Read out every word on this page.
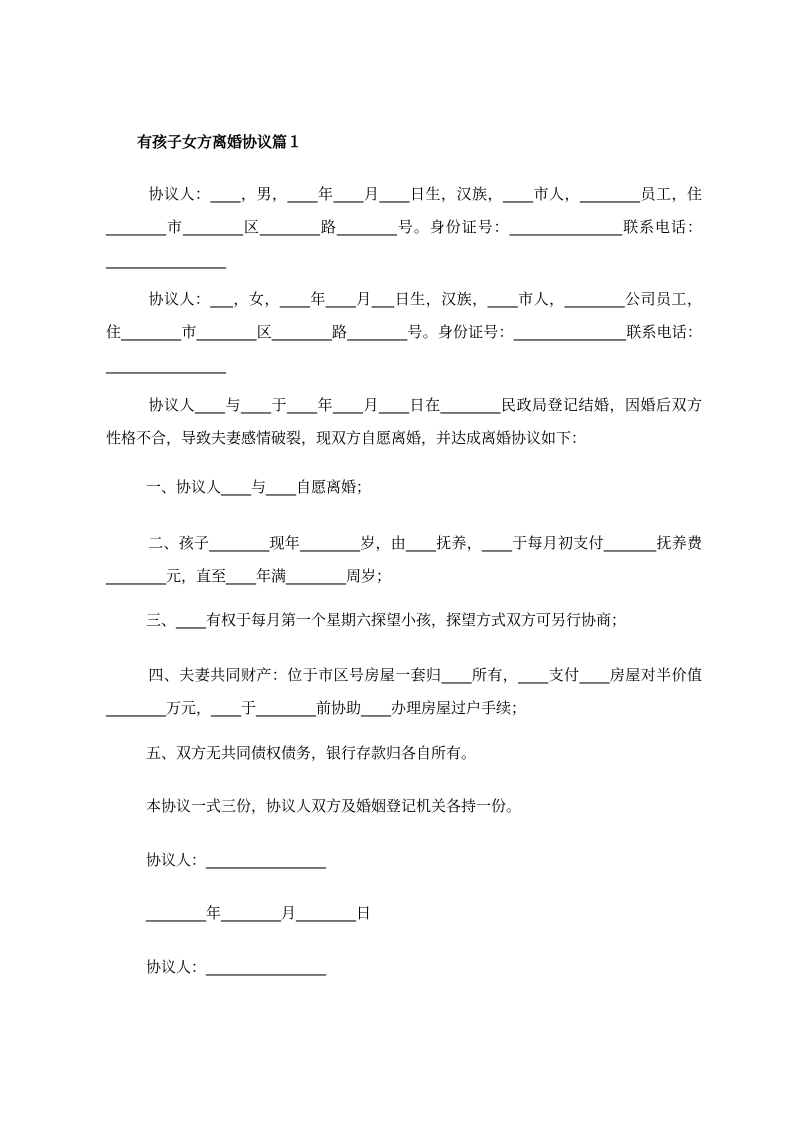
有孩子女方离婚协议篇１
协议人：____，男，____年____月____日生，汉族，____市人，________员工，住________市________区________路________号。身份证号：_______________联系电话：________________
协议人：___，女，____年____月___日生，汉族，____市人，________公司员工，住________市________区________路________号。身份证号：_______________联系电话：________________
协议人____与____于____年____月____日在________民政局登记结婚，因婚后双方性格不合，导致夫妻感情破裂，现双方自愿离婚，并达成离婚协议如下：
一、协议人____与____自愿离婚；
二、孩子________现年________岁，由____抚养，____于每月初支付_______抚养费________元，直至____年满________周岁；
三、____有权于每月第一个星期六探望小孩，探望方式双方可另行协商；
四、夫妻共同财产：位于市区号房屋一套归____所有，____支付____房屋对半价值________万元，____于________前协助____办理房屋过户手续；
五、双方无共同债权债务，银行存款归各自所有。
本协议一式三份，协议人双方及婚姻登记机关各持一份。
协议人：________________
________年________月________日
协议人：________________
